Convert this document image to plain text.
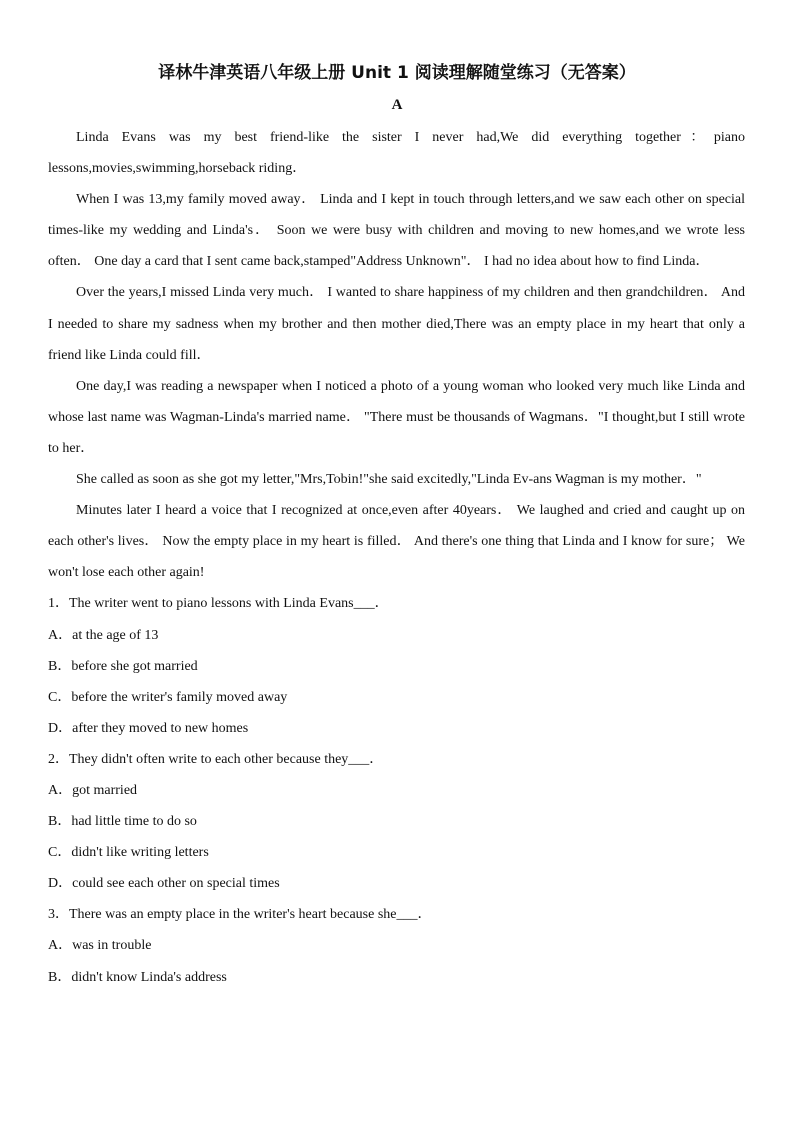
译林牛津英语八年级上册 Unit 1 阅读理解随堂练习（无答案）
A

Linda Evans was my best friend-like the sister I never had,We did everything together：piano lessons,movies,swimming,horseback riding．

When I was 13,my family moved away． Linda and I kept in touch through letters,and we saw each other on special times-like my wedding and Linda's． Soon we were busy with children and moving to new homes,and we wrote less often． One day a card that I sent came back,stamped"Address Unknown"． I had no idea about how to find Linda．

Over the years,I missed Linda very much． I wanted to share happiness of my children and then grandchildren． And I needed to share my sadness when my brother and then mother died,There was an empty place in my heart that only a friend like Linda could fill．

One day,I was reading a newspaper when I noticed a photo of a young woman who looked very much like Linda and whose last name was Wagman-Linda's married name． "There must be thousands of Wagmans．"I thought,but I still wrote to her．

She called as soon as she got my letter,"Mrs,Tobin!"she said excitedly,"Linda Ev-ans Wagman is my mother．"

Minutes later I heard a voice that I recognized at once,even after 40years． We laughed and cried and caught up on each other's lives． Now the empty place in my heart is filled． And there's one thing that Linda and I know for sure； We won't lose each other again!

1．The writer went to piano lessons with Linda Evans___．

A．at the age of 13

B．before she got married

C．before the writer's family moved away

D．after they moved to new homes

2．They didn't often write to each other because they___．

A．got married

B．had little time to do so

C．didn't like writing letters

D．could see each other on special times

3．There was an empty place in the writer's heart because she___．

A．was in trouble

B．didn't know Linda's address
